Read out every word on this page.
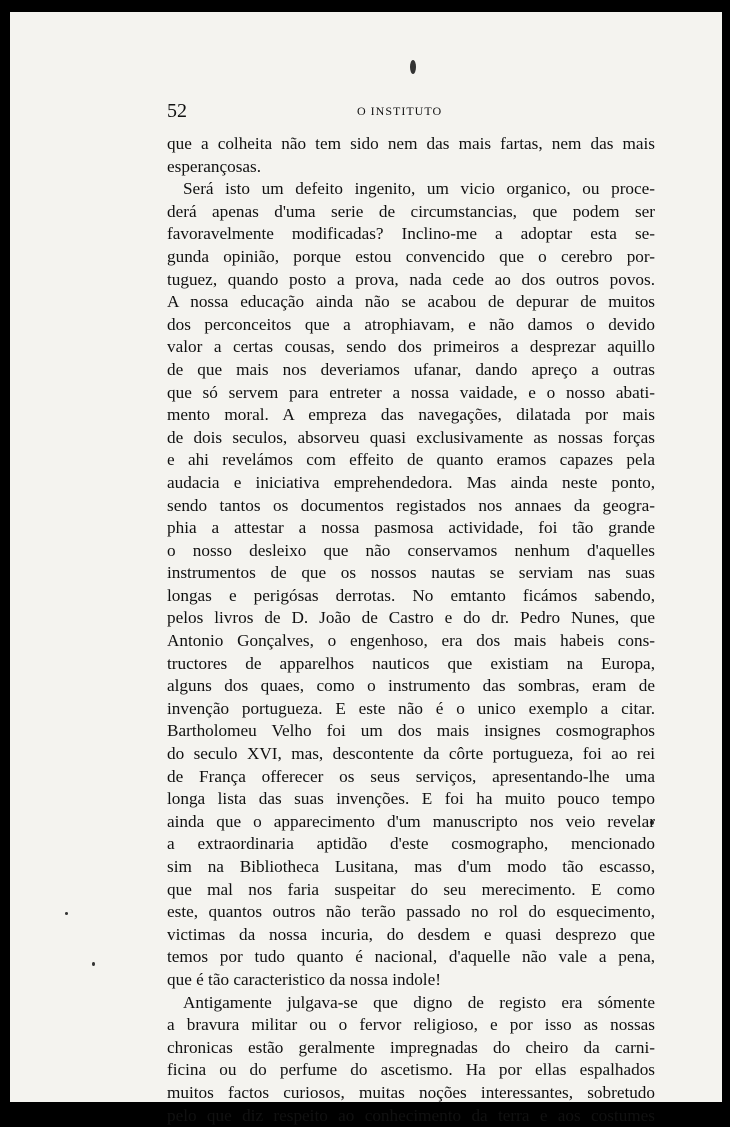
52	O INSTITUTO
que a colheita não tem sido nem das mais fartas, nem das mais
esperançosas.
Será isto um defeito ingenito, um vicio organico, ou proce-
derá apenas d'uma serie de circumstancias, que podem ser
favoravelmente modificadas? Inclino-me a adoptar esta se-
gunda opinião, porque estou convencido que o cerebro por-
tuguez, quando posto a prova, nada cede ao dos outros povos.
A nossa educação ainda não se acabou de depurar de muitos
dos perconceitos que a atrophiavam, e não damos o devido
valor a certas cousas, sendo dos primeiros a desprezar aquillo
de que mais nos deveriamos ufanar, dando apreço a outras
que só servem para entreter a nossa vaidade, e o nosso abati-
mento moral. A empreza das navegações, dilatada por mais
de dois seculos, absorveu quasi exclusivamente as nossas forças
e ahi revelámos com effeito de quanto eramos capazes pela
audacia e iniciativa emprehendedora. Mas ainda neste ponto,
sendo tantos os documentos registados nos annaes da geogra-
phia a attestar a nossa pasmosa actividade, foi tão grande
o nosso desleixo que não conservamos nenhum d'aquelles
instrumentos de que os nossos nautas se serviam nas suas
longas e perigósas derrotas. No emtanto ficámos sabendo,
pelos livros de D. João de Castro e do dr. Pedro Nunes, que
Antonio Gonçalves, o engenhoso, era dos mais habeis cons-
tructores de apparelhos nauticos que existiam na Europa,
alguns dos quaes, como o instrumento das sombras, eram de
invenção portugueza. E este não é o unico exemplo a citar.
Bartholomeu Velho foi um dos mais insignes cosmographos
do seculo XVI, mas, descontente da côrte portugueza, foi ao rei
de França offerecer os seus serviços, apresentando-lhe uma
longa lista das suas invenções. E foi ha muito pouco tempo
ainda que o apparecimento d'um manuscripto nos veio revelar
a extraordinaria aptidão d'este cosmographo, mencionado
sim na Bibliotheca Lusitana, mas d'um modo tão escasso,
que mal nos faria suspeitar do seu merecimento. E como
este, quantos outros não terão passado no rol do esquecimento,
victimas da nossa incuria, do desdem e quasi desprezo que
temos por tudo quanto é nacional, d'aquelle não vale a pena,
que é tão caracteristico da nossa indole!
Antigamente julgava-se que digno de registo era sómente
a bravura militar ou o fervor religioso, e por isso as nossas
chronicas estão geralmente impregnadas do cheiro da carni-
ficina ou do perfume do ascetismo. Ha por ellas espalhados
muitos factos curiosos, muitas noções interessantes, sobretudo
pelo que diz respeito ao conhecimento da terra e aos costumes
